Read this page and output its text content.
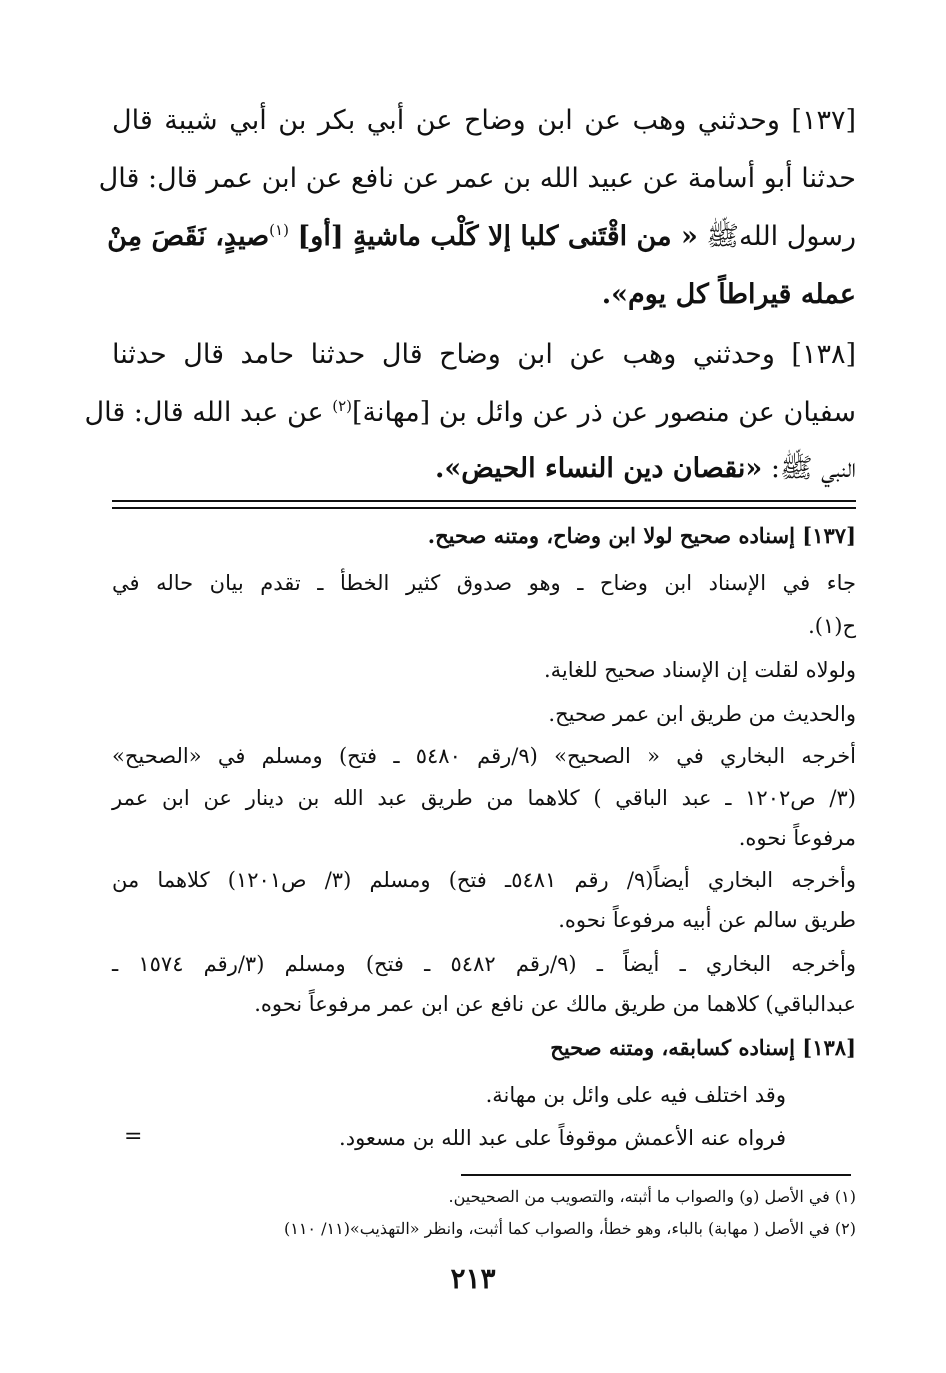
[١٣٧] وحدثني وهب عن ابن وضاح عن أبي بكر بن أبي شيبة قال
حدثنا أبو أسامة عن عبيد الله بن عمر عن نافع عن ابن عمر قال: قال
رسول اللهﷺ « من اقْتَنى كلبا إلا كَلْب ماشيةٍ [أو] $^{(١)}$صيدٍ، نَقَصَ مِنْ
عمله قيراطاً كل يوم».
[١٣٨] وحدثني وهب عن ابن وضاح قال حدثنا حامد قال حدثنا
سفيان عن منصور عن ذر عن وائل بن [مهانة]$^{(٢)}$ عن عبد الله قال: قال
النبي ﷺ: «نقصان دين النساء الحيض».
[١٣٧] إسناده صحيح لولا ابن وضاح، ومتنه صحيح.
جاء في الإسناد ابن وضاح ـ وهو صدوق كثير الخطأ ـ تقدم بيان حاله في
ح(١).
ولولاه لقلت إن الإسناد صحيح للغاية.
والحديث من طريق ابن عمر صحيح.
أخرجه البخاري في « الصحيح» (٩/رقم ٥٤٨٠ ـ فتح) ومسلم في «الصحيح»
(٣/ ص١٢٠٢ ـ عبد الباقي ) كلاهما من طريق عبد الله بن دينار عن ابن عمر
مرفوعاً نحوه.
وأخرجه البخاري أيضاً(٩/ رقم ٥٤٨١ـ فتح) ومسلم (٣/ ص١٢٠١) كلاهما من
طريق سالم عن أبيه مرفوعاً نحوه.
وأخرجه البخاري ـ أيضاً ـ (٩/رقم ٥٤٨٢ ـ فتح) ومسلم (٣/رقم ١٥٧٤ ـ
عبدالباقي) كلاهما من طريق مالك عن نافع عن ابن عمر مرفوعاً نحوه.
[١٣٨] إسناده كسابقه، ومتنه صحيح
وقد اختلف فيه على وائل بن مهانة.
فرواه عنه الأعمش موقوفاً على عبد الله بن مسعود.
=
(١) في الأصل (و) والصواب ما أثبته، والتصويب من الصحيحين.
(٢) في الأصل ( مهابة) بالباء، وهو خطأ، والصواب كما أثبت، وانظر «التهذيب»(١١/ ١١٠)
٢١٣
